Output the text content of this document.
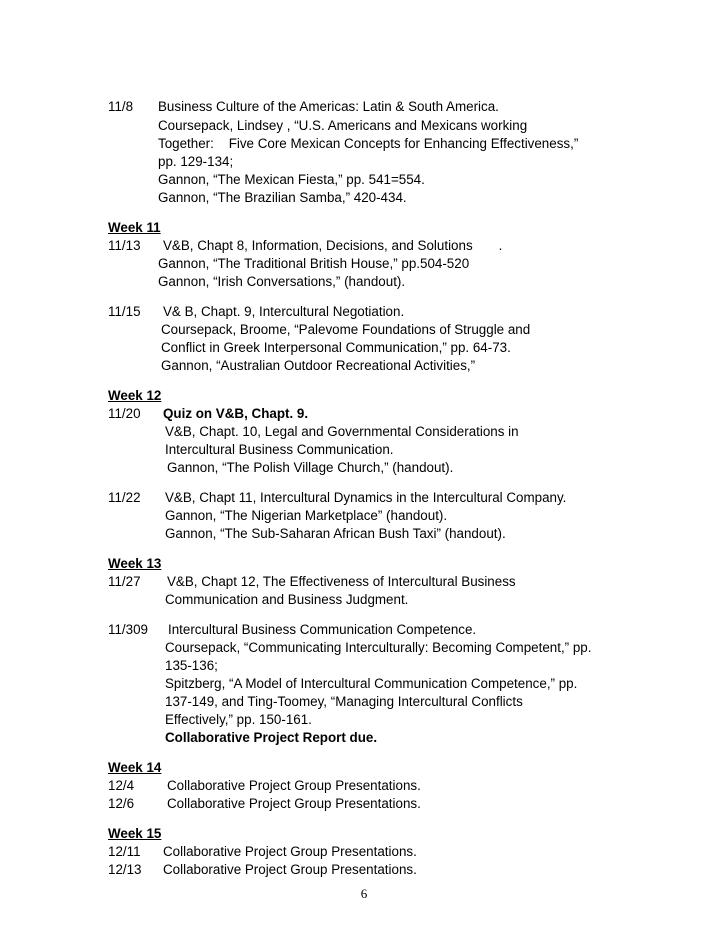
11/8 Business Culture of the Americas: Latin & South America.
Coursepack, Lindsey , “U.S. Americans and Mexicans working
Together:    Five Core Mexican Concepts for Enhancing Effectiveness,”
pp. 129-134;
Gannon, “The Mexican Fiesta,” pp. 541=554.
Gannon, “The Brazilian Samba,” 420-434.
Week 11
11/13 V&B, Chapt 8, Information, Decisions, and Solutions       .
Gannon, “The Traditional British House,” pp.504-520
Gannon, “Irish Conversations,” (handout).
11/15 V& B, Chapt. 9, Intercultural Negotiation.
Coursepack, Broome, “Palevome Foundations of Struggle and
Conflict in Greek Interpersonal Communication,” pp. 64-73.
Gannon, “Australian Outdoor Recreational Activities,”
Week 12
11/20 Quiz on V&B, Chapt. 9.
V&B, Chapt. 10, Legal and Governmental Considerations in
Intercultural Business Communication.
Gannon, “The Polish Village Church,” (handout).
11/22 V&B, Chapt 11, Intercultural Dynamics in the Intercultural Company.
Gannon, “The Nigerian Marketplace” (handout).
Gannon, “The Sub-Saharan African Bush Taxi” (handout).
Week 13
11/27 V&B, Chapt 12, The Effectiveness of Intercultural Business
Communication and Business Judgment.
11/309 Intercultural Business Communication Competence.
Coursepack, “Communicating Interculturally: Becoming Competent,” pp.
135-136;
Spitzberg, “A Model of Intercultural Communication Competence,” pp.
137-149, and Ting-Toomey, “Managing Intercultural Conflicts
Effectively,” pp. 150-161.
Collaborative Project Report due.
Week 14
12/4 Collaborative Project Group Presentations.
12/6 Collaborative Project Group Presentations.
Week 15
12/11 Collaborative Project Group Presentations.
12/13 Collaborative Project Group Presentations.
6
